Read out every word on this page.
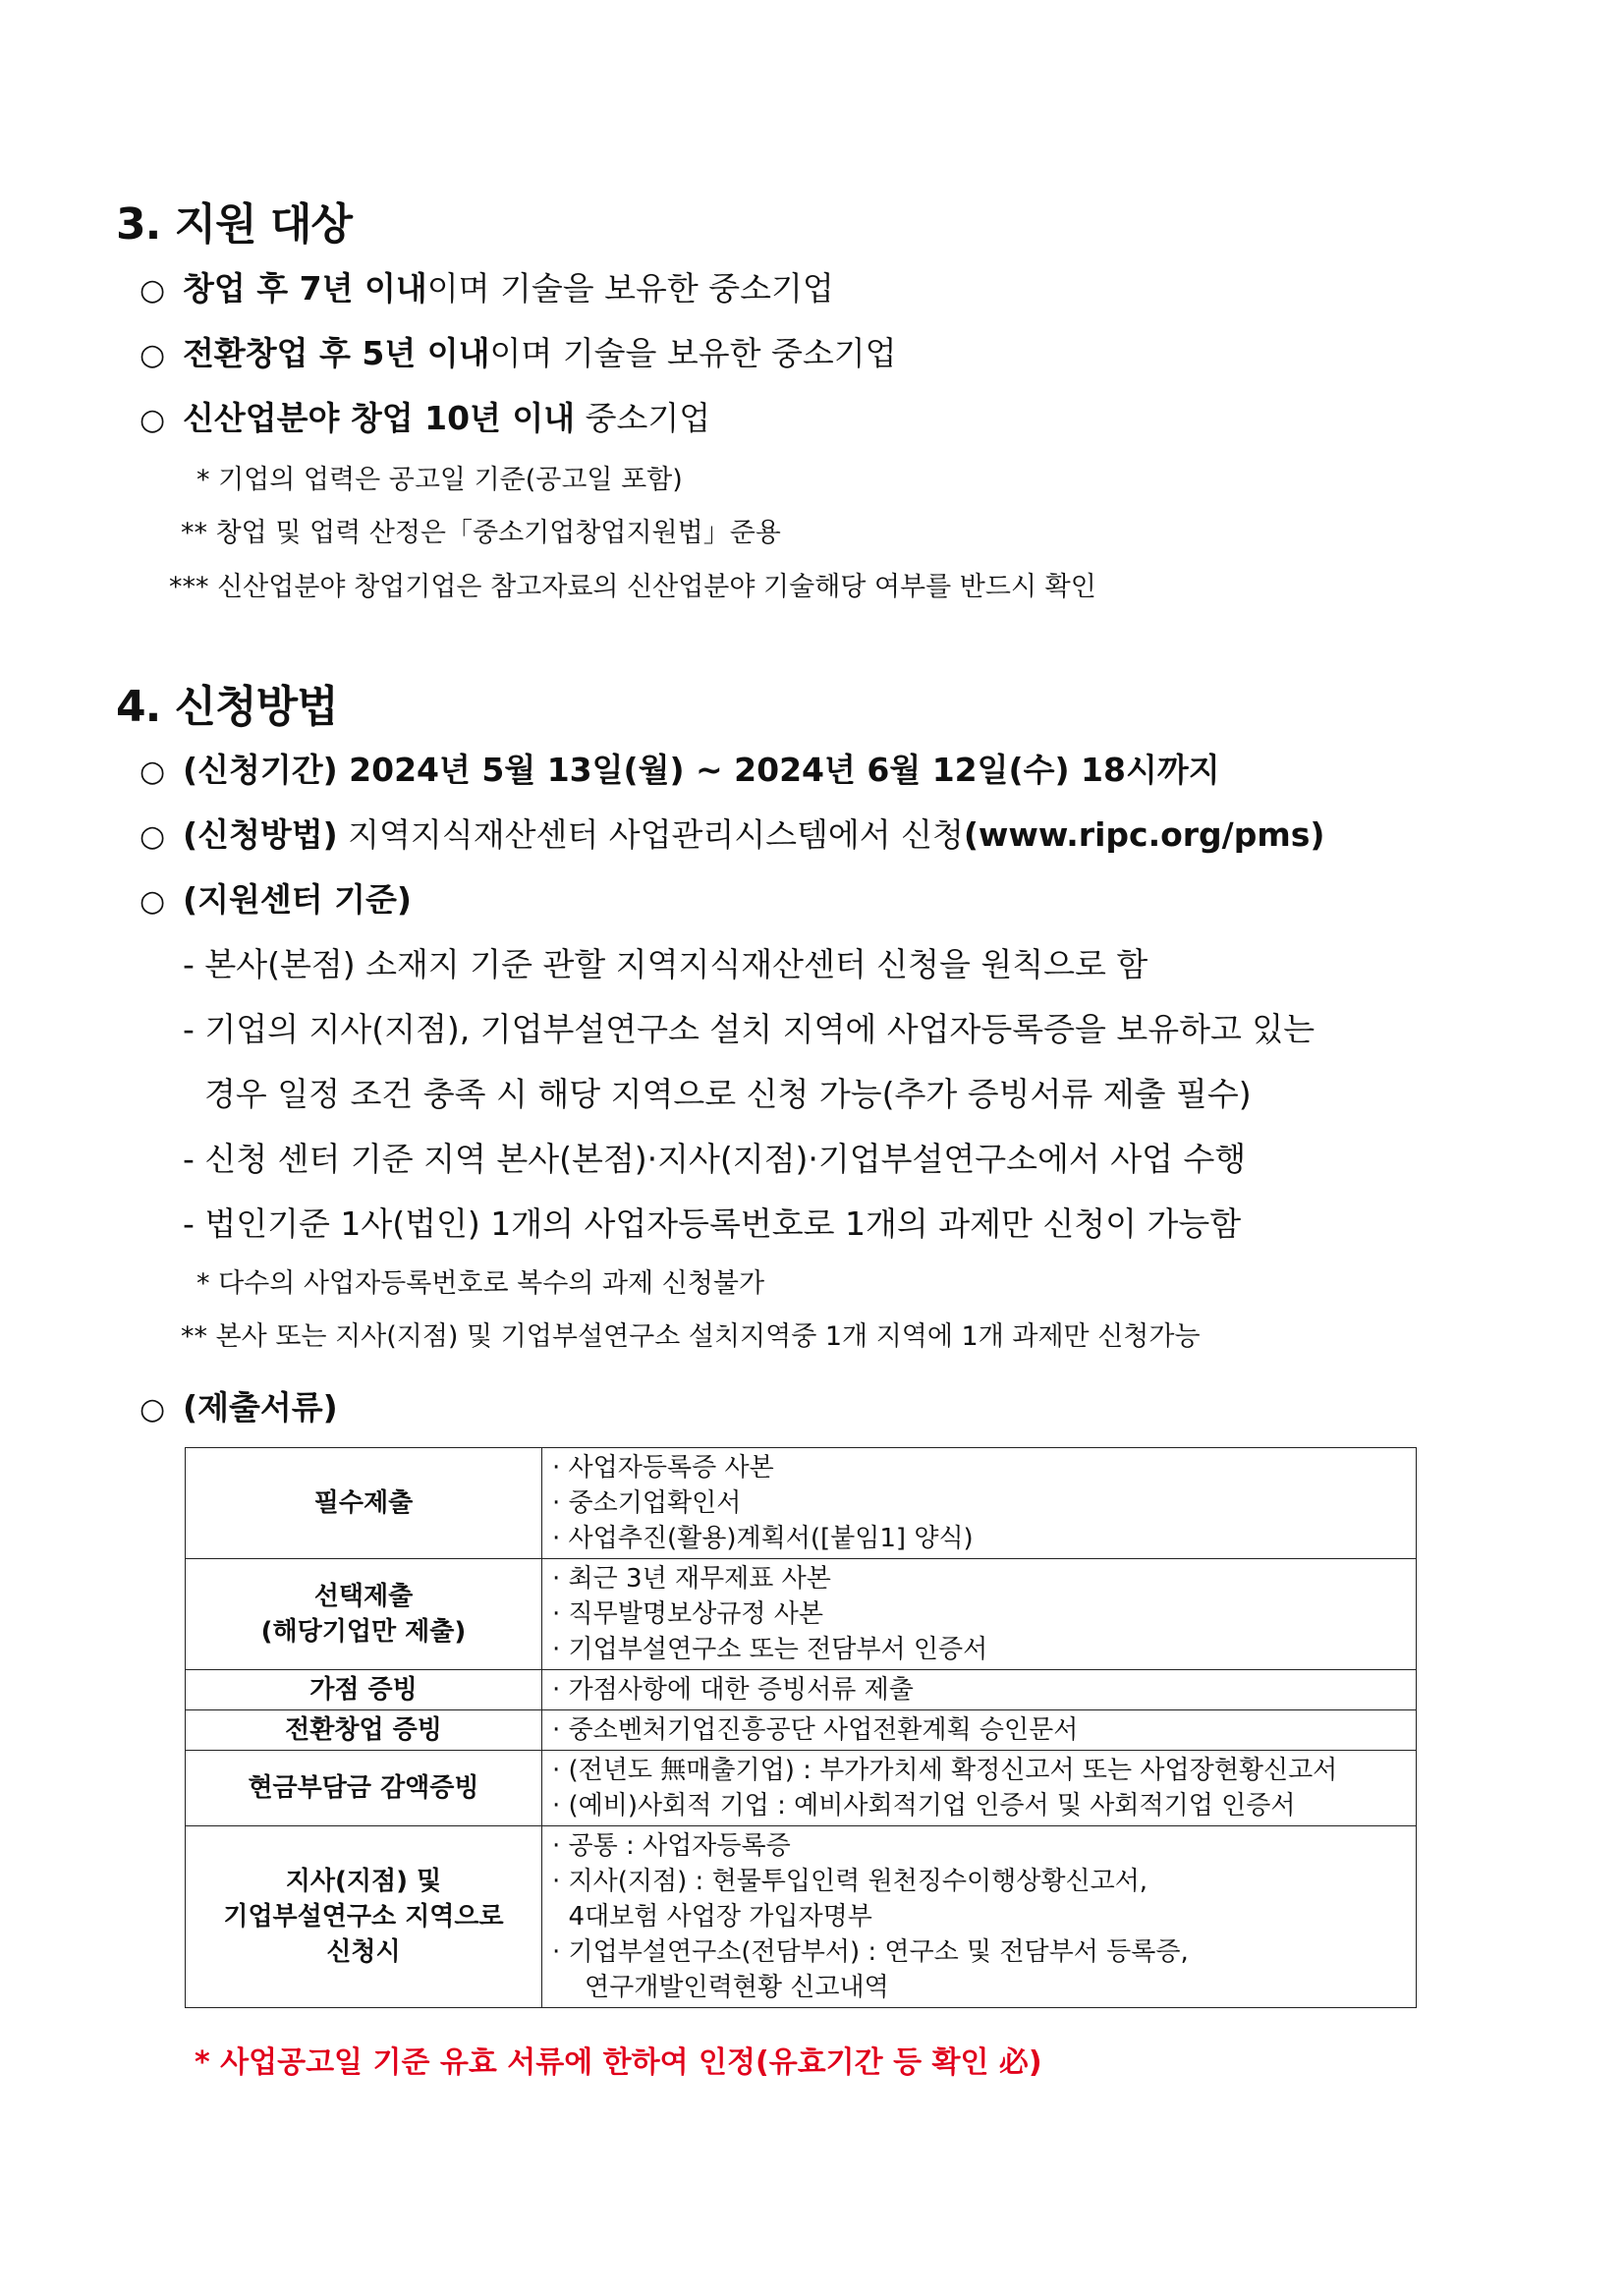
3. 지원 대상
○ 창업 후 7년 이내이며 기술을 보유한 중소기업
○ 전환창업 후 5년 이내이며 기술을 보유한 중소기업
○ 신산업분야 창업 10년 이내 중소기업
* 기업의 업력은 공고일 기준(공고일 포함)
** 창업 및 업력 산정은「중소기업창업지원법」준용
*** 신산업분야 창업기업은 참고자료의 신산업분야 기술해당 여부를 반드시 확인
4. 신청방법
○ (신청기간) 2024년 5월 13일(월) ~ 2024년 6월 12일(수) 18시까지
○ (신청방법) 지역지식재산센터 사업관리시스템에서 신청(www.ripc.org/pms)
○ (지원센터 기준)
- 본사(본점) 소재지 기준 관할 지역지식재산센터 신청을 원칙으로 함
- 기업의 지사(지점), 기업부설연구소 설치 지역에 사업자등록증을 보유하고 있는
경우 일정 조건 충족 시 해당 지역으로 신청 가능(추가 증빙서류 제출 필수)
- 신청 센터 기준 지역 본사(본점)·지사(지점)·기업부설연구소에서 사업 수행
- 법인기준 1사(법인) 1개의 사업자등록번호로 1개의 과제만 신청이 가능함
* 다수의 사업자등록번호로 복수의 과제 신청불가
** 본사 또는 지사(지점) 및 기업부설연구소 설치지역중 1개 지역에 1개 과제만 신청가능
○ (제출서류)
필수제출	· 사업자등록증 사본
· 중소기업확인서
· 사업추진(활용)계획서([붙임1] 양식)

선택제출
(해당기업만 제출)	· 최근 3년 재무제표 사본
· 직무발명보상규정 사본
· 기업부설연구소 또는 전담부서 인증서

가점 증빙	· 가점사항에 대한 증빙서류 제출

전환창업 증빙	· 중소벤처기업진흥공단 사업전환계획 승인문서

현금부담금 감액증빙	· (전년도 無매출기업) : 부가가치세 확정신고서 또는 사업장현황신고서
· (예비)사회적 기업 : 예비사회적기업 인증서 및 사회적기업 인증서

지사(지점) 및
기업부설연구소 지역으로
신청시	· 공통 : 사업자등록증
· 지사(지점) : 현물투입인력 원천징수이행상황신고서,
4대보험 사업장 가입자명부
· 기업부설연구소(전담부서) : 연구소 및 전담부서 등록증,
연구개발인력현황 신고내역
* 사업공고일 기준 유효 서류에 한하여 인정(유효기간 등 확인 必)
